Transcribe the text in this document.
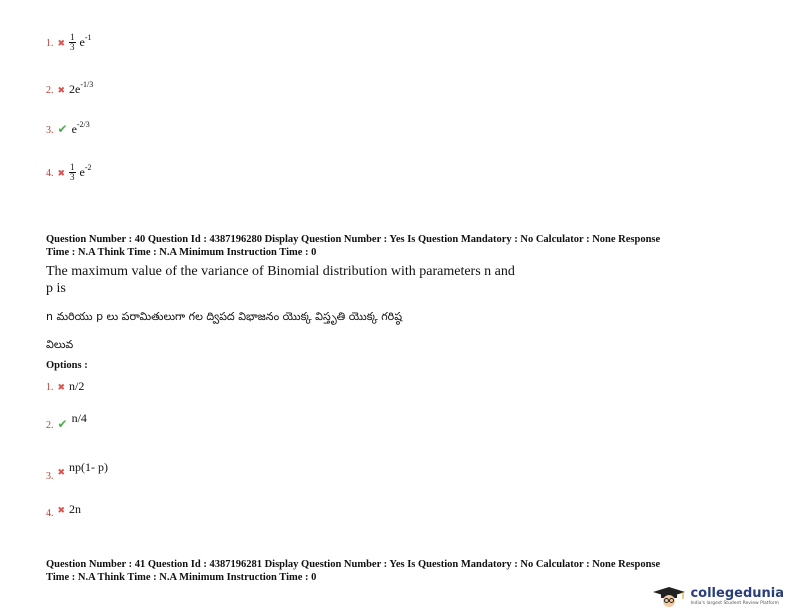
1. ✖ $\frac{1}{3} e^{-1}$
2. ✖ $2e^{-1/3}$
3. ✔ $e^{-2/3}$
4. ✖ $\frac{1}{3} e^{-2}$
Question Number : 40 Question Id : 4387196280 Display Question Number : Yes Is Question Mandatory : No Calculator : None Response
Time : N.A Think Time : N.A Minimum Instruction Time : 0
The maximum value of the variance of Binomial distribution with parameters n and
p is
n మరియు p లు పరామితులుగా గల ద్విపద విభాజనం యొక్క విస్తృతి యొక్క గరిష్ఠ
విలువ
Options :
1. ✖ n/2
2. ✔ $^{n/4}$
$_{3.}$ $_✖$ np(1- p)
4. ✖ 2n
Question Number : 41 Question Id : 4387196281 Display Question Number : Yes Is Question Mandatory : No Calculator : None Response
Time : N.A Think Time : N.A Minimum Instruction Time : 0
collegedunia
India's largest Student Review Platform
